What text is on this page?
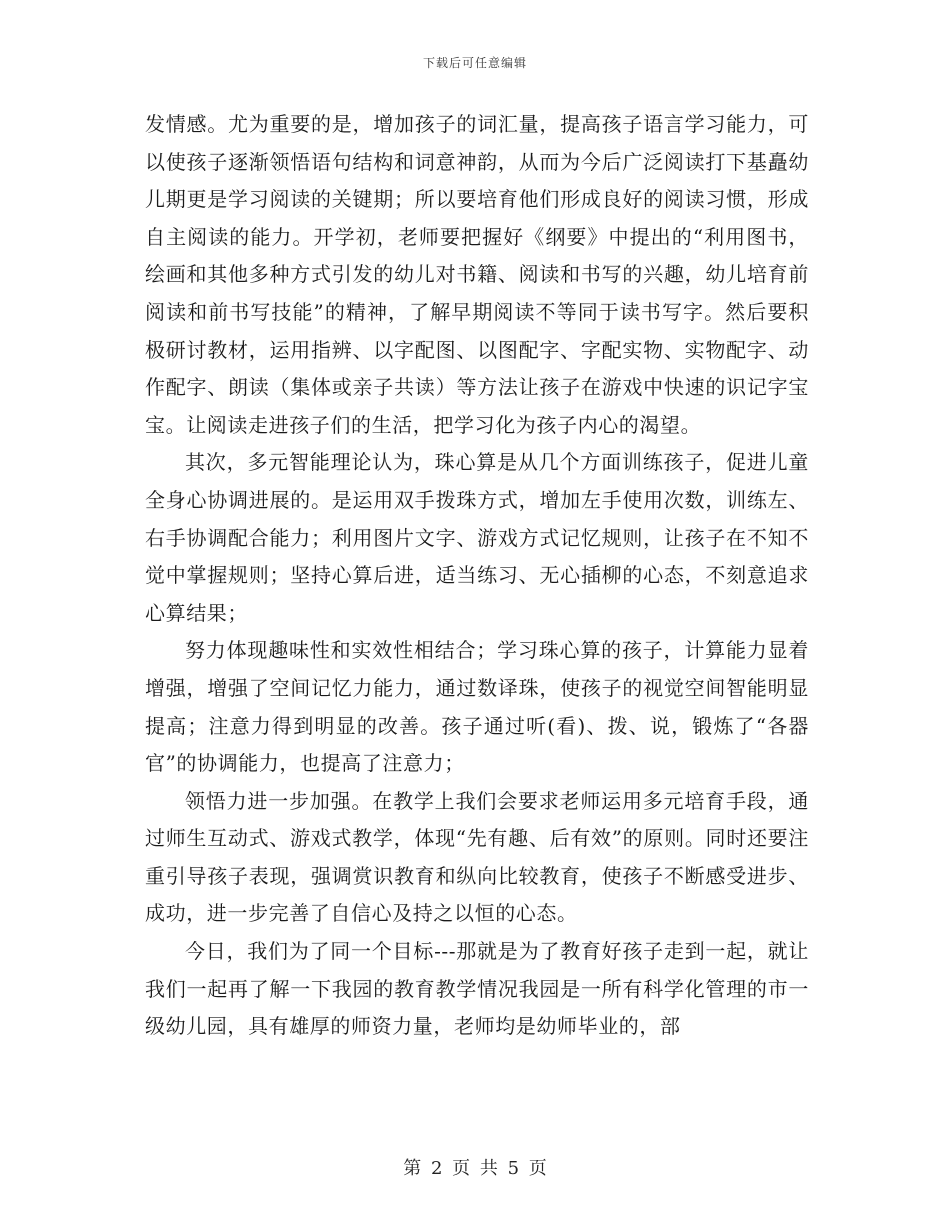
下载后可任意编辑

发情感。尤为重要的是，增加孩子的词汇量，提高孩子语言学习能力，可以使孩子逐渐领悟语句结构和词意神韵，从而为今后广泛阅读打下基矗幼儿期更是学习阅读的关键期；所以要培育他们形成良好的阅读习惯，形成自主阅读的能力。开学初，老师要把握好《纲要》中提出的“利用图书，绘画和其他多种方式引发的幼儿对书籍、阅读和书写的兴趣，幼儿培育前阅读和前书写技能”的精神，了解早期阅读不等同于读书写字。然后要积极研讨教材，运用指辨、以字配图、以图配字、字配实物、实物配字、动作配字、朗读（集体或亲子共读）等方法让孩子在游戏中快速的识记字宝宝。让阅读走进孩子们的生活，把学习化为孩子内心的渴望。

其次，多元智能理论认为，珠心算是从几个方面训练孩子，促进儿童全身心协调进展的。是运用双手拨珠方式，增加左手使用次数，训练左、右手协调配合能力；利用图片文字、游戏方式记忆规则，让孩子在不知不觉中掌握规则；坚持心算后进，适当练习、无心插柳的心态，不刻意追求心算结果；

努力体现趣味性和实效性相结合；学习珠心算的孩子，计算能力显着增强，增强了空间记忆力能力，通过数译珠，使孩子的视觉空间智能明显提高；注意力得到明显的改善。孩子通过听(看)、拨、说，锻炼了“各器官”的协调能力，也提高了注意力；

领悟力进一步加强。在教学上我们会要求老师运用多元培育手段，通过师生互动式、游戏式教学，体现“先有趣、后有效”的原则。同时还要注重引导孩子表现，强调赏识教育和纵向比较教育，使孩子不断感受进步、成功，进一步完善了自信心及持之以恒的心态。

今日，我们为了同一个目标---那就是为了教育好孩子走到一起，就让我们一起再了解一下我园的教育教学情况我园是一所有科学化管理的市一级幼儿园，具有雄厚的师资力量，老师均是幼师毕业的，部

第 2 页 共 5 页
